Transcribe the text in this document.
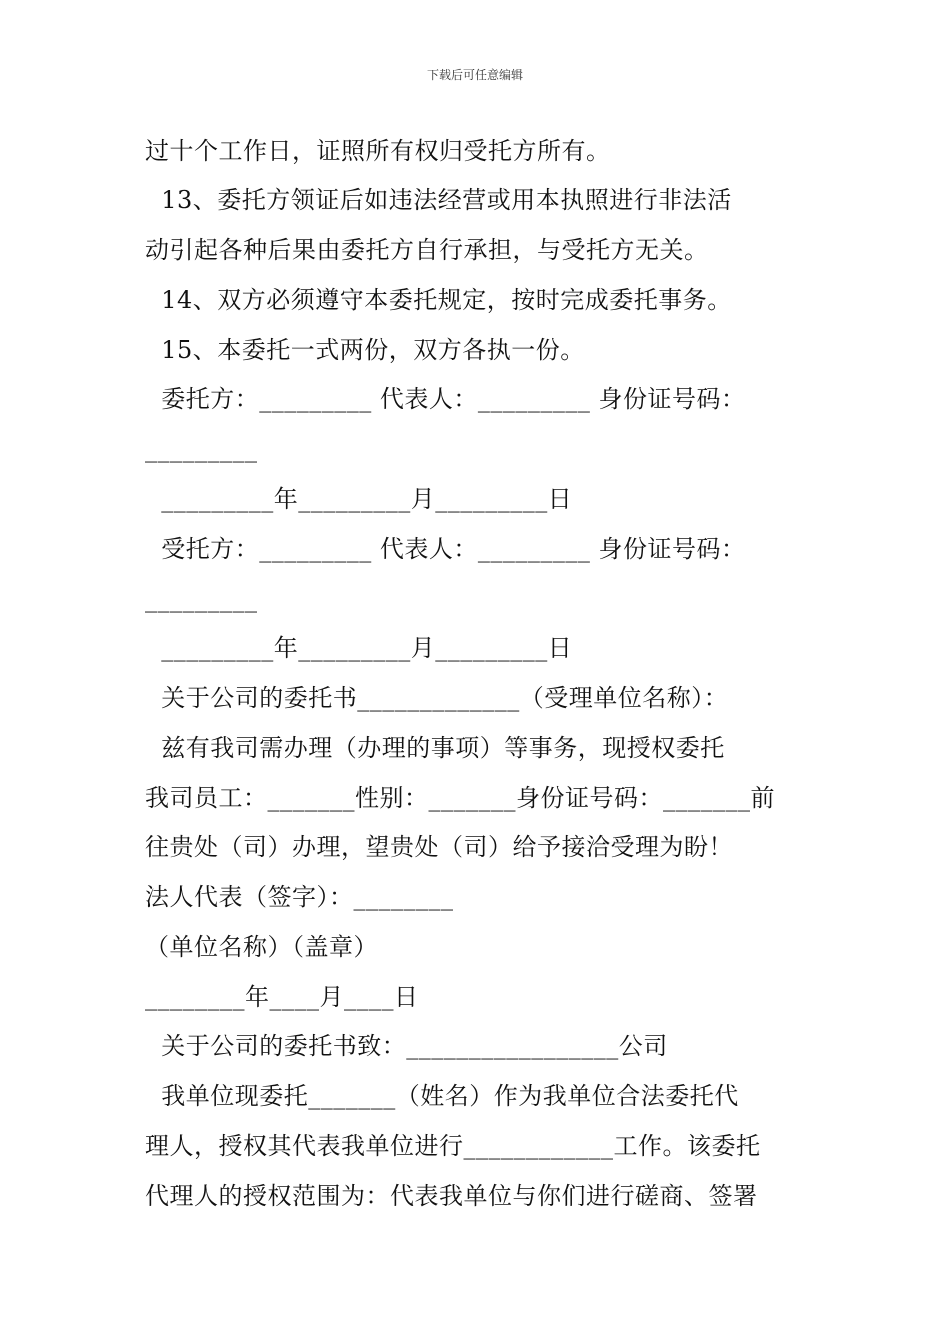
下载后可任意编辑
过十个工作日，证照所有权归受托方所有。
13、委托方领证后如违法经营或用本执照进行非法活
动引起各种后果由委托方自行承担，与受托方无关。
14、双方必须遵守本委托规定，按时完成委托事务。
15、本委托一式两份，双方各执一份。
委托方：_________ 代表人：_________ 身份证号码：
_________
_________年_________月_________日
受托方：_________ 代表人：_________ 身份证号码：
_________
_________年_________月_________日
关于公司的委托书_____________（受理单位名称）：
兹有我司需办理（办理的事项）等事务，现授权委托
我司员工：_______性别：_______身份证号码：_______前
往贵处（司）办理，望贵处（司）给予接洽受理为盼！
法人代表（签字）：________
（单位名称）（盖章）
________年____月____日
关于公司的委托书致：_________________公司
我单位现委托_______（姓名）作为我单位合法委托代
理人，授权其代表我单位进行____________工作。该委托
代理人的授权范围为：代表我单位与你们进行磋商、签署
